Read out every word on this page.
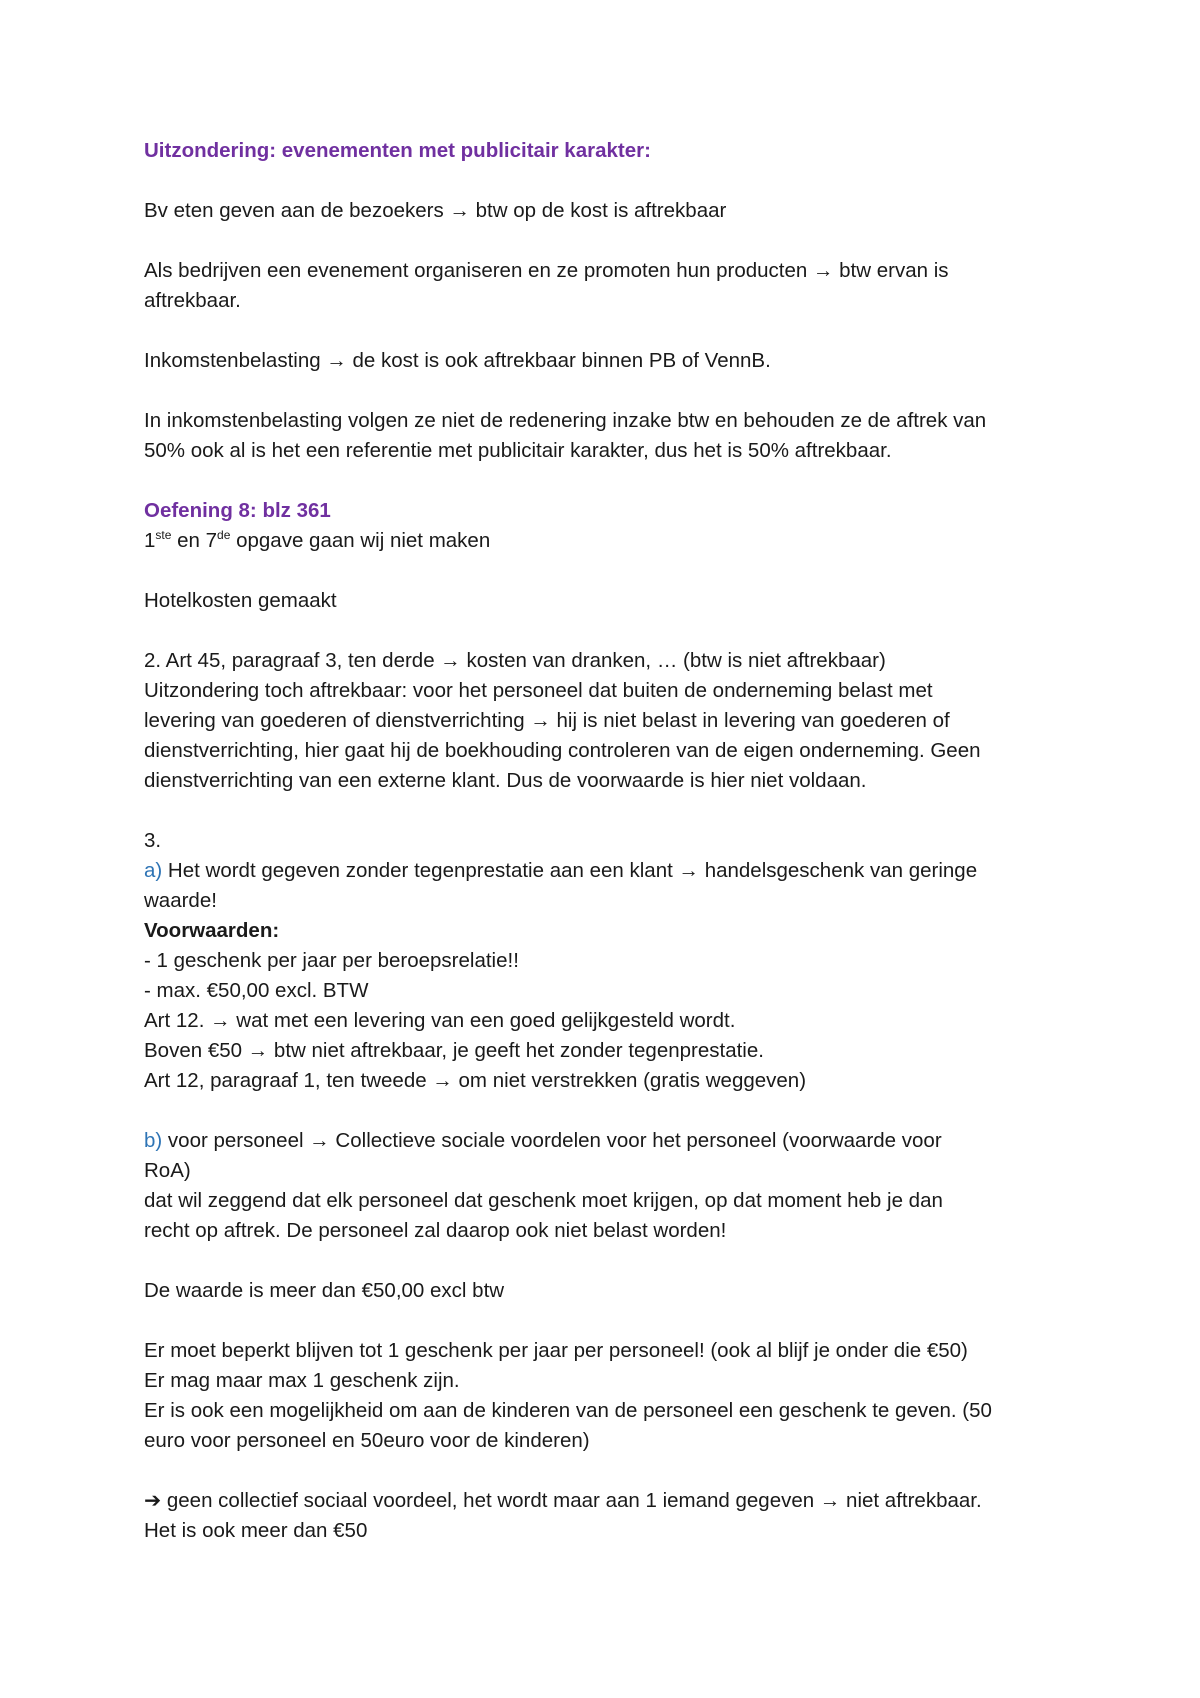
Uitzondering: evenementen met publicitair karakter:
Bv eten geven aan de bezoekers → btw op de kost is aftrekbaar
Als bedrijven een evenement organiseren en ze promoten hun producten → btw ervan is
aftrekbaar.
Inkomstenbelasting → de kost is ook aftrekbaar binnen PB of VennB.
In inkomstenbelasting volgen ze niet de redenering inzake btw en behouden ze de aftrek van
50% ook al is het een referentie met publicitair karakter, dus het is 50% aftrekbaar.
Oefening 8: blz 361
1ste en 7de opgave gaan wij niet maken
Hotelkosten gemaakt
2. Art 45, paragraaf 3, ten derde → kosten van dranken, … (btw is niet aftrekbaar)
Uitzondering toch aftrekbaar: voor het personeel dat buiten de onderneming belast met
levering van goederen of dienstverrichting → hij is niet belast in levering van goederen of
dienstverrichting, hier gaat hij de boekhouding controleren van de eigen onderneming. Geen
dienstverrichting van een externe klant. Dus de voorwaarde is hier niet voldaan.
3.
a) Het wordt gegeven zonder tegenprestatie aan een klant → handelsgeschenk van geringe
waarde!
Voorwaarden:
- 1 geschenk per jaar per beroepsrelatie!!
- max. €50,00 excl. BTW
Art 12. → wat met een levering van een goed gelijkgesteld wordt.
Boven €50 → btw niet aftrekbaar, je geeft het zonder tegenprestatie.
Art 12, paragraaf 1, ten tweede → om niet verstrekken (gratis weggeven)
b) voor personeel → Collectieve sociale voordelen voor het personeel (voorwaarde voor
RoA)
dat wil zeggend dat elk personeel dat geschenk moet krijgen, op dat moment heb je dan
recht op aftrek. De personeel zal daarop ook niet belast worden!
De waarde is meer dan €50,00 excl btw
Er moet beperkt blijven tot 1 geschenk per jaar per personeel! (ook al blijf je onder die €50)
Er mag maar max 1 geschenk zijn.
Er is ook een mogelijkheid om aan de kinderen van de personeel een geschenk te geven. (50
euro voor personeel en 50euro voor de kinderen)
➔ geen collectief sociaal voordeel, het wordt maar aan 1 iemand gegeven → niet aftrekbaar.
Het is ook meer dan €50
